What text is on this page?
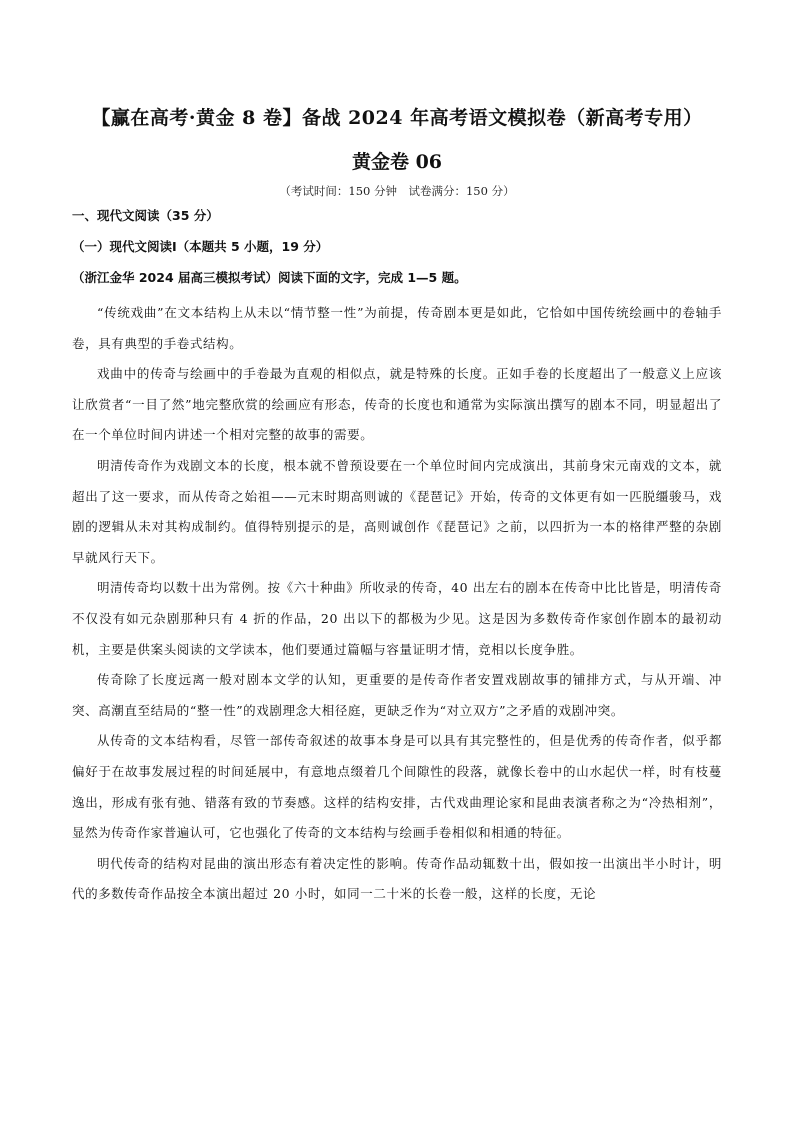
【赢在高考·黄金 8 卷】备战 2024 年高考语文模拟卷（新高考专用）
黄金卷 06
（考试时间：150 分钟　试卷满分：150 分）
一、现代文阅读（35 分）
（一）现代文阅读Ⅰ（本题共 5 小题，19 分）
（浙江金华 2024 届高三模拟考试）阅读下面的文字，完成 1—5 题。

“传统戏曲”在文本结构上从未以“情节整一性”为前提，传奇剧本更是如此，它恰如中国传统绘画中的卷轴手卷，具有典型的手卷式结构。

戏曲中的传奇与绘画中的手卷最为直观的相似点，就是特殊的长度。正如手卷的长度超出了一般意义上应该让欣赏者“一目了然”地完整欣赏的绘画应有形态，传奇的长度也和通常为实际演出撰写的剧本不同，明显超出了在一个单位时间内讲述一个相对完整的故事的需要。

明清传奇作为戏剧文本的长度，根本就不曾预设要在一个单位时间内完成演出，其前身宋元南戏的文本，就超出了这一要求，而从传奇之始祖——元末时期高则诚的《琵琶记》开始，传奇的文体更有如一匹脱缰骏马，戏剧的逻辑从未对其构成制约。值得特别提示的是，高则诚创作《琵琶记》之前，以四折为一本的格律严整的杂剧早就风行天下。

明清传奇均以数十出为常例。按《六十种曲》所收录的传奇，40 出左右的剧本在传奇中比比皆是，明清传奇不仅没有如元杂剧那种只有 4 折的作品，20 出以下的都极为少见。这是因为多数传奇作家创作剧本的最初动机，主要是供案头阅读的文学读本，他们要通过篇幅与容量证明才情，竞相以长度争胜。

传奇除了长度远离一般对剧本文学的认知，更重要的是传奇作者安置戏剧故事的铺排方式，与从开端、冲突、高潮直至结局的“整一性”的戏剧理念大相径庭，更缺乏作为“对立双方”之矛盾的戏剧冲突。

从传奇的文本结构看，尽管一部传奇叙述的故事本身是可以具有其完整性的，但是优秀的传奇作者，似乎都偏好于在故事发展过程的时间延展中，有意地点缀着几个间隙性的段落，就像长卷中的山水起伏一样，时有枝蔓逸出，形成有张有弛、错落有致的节奏感。这样的结构安排，古代戏曲理论家和昆曲表演者称之为“冷热相剂”，显然为传奇作家普遍认可，它也强化了传奇的文本结构与绘画手卷相似和相通的特征。

明代传奇的结构对昆曲的演出形态有着决定性的影响。传奇作品动辄数十出，假如按一出演出半小时计，明代的多数传奇作品按全本演出超过 20 小时，如同一二十米的长卷一般，这样的长度，无论
